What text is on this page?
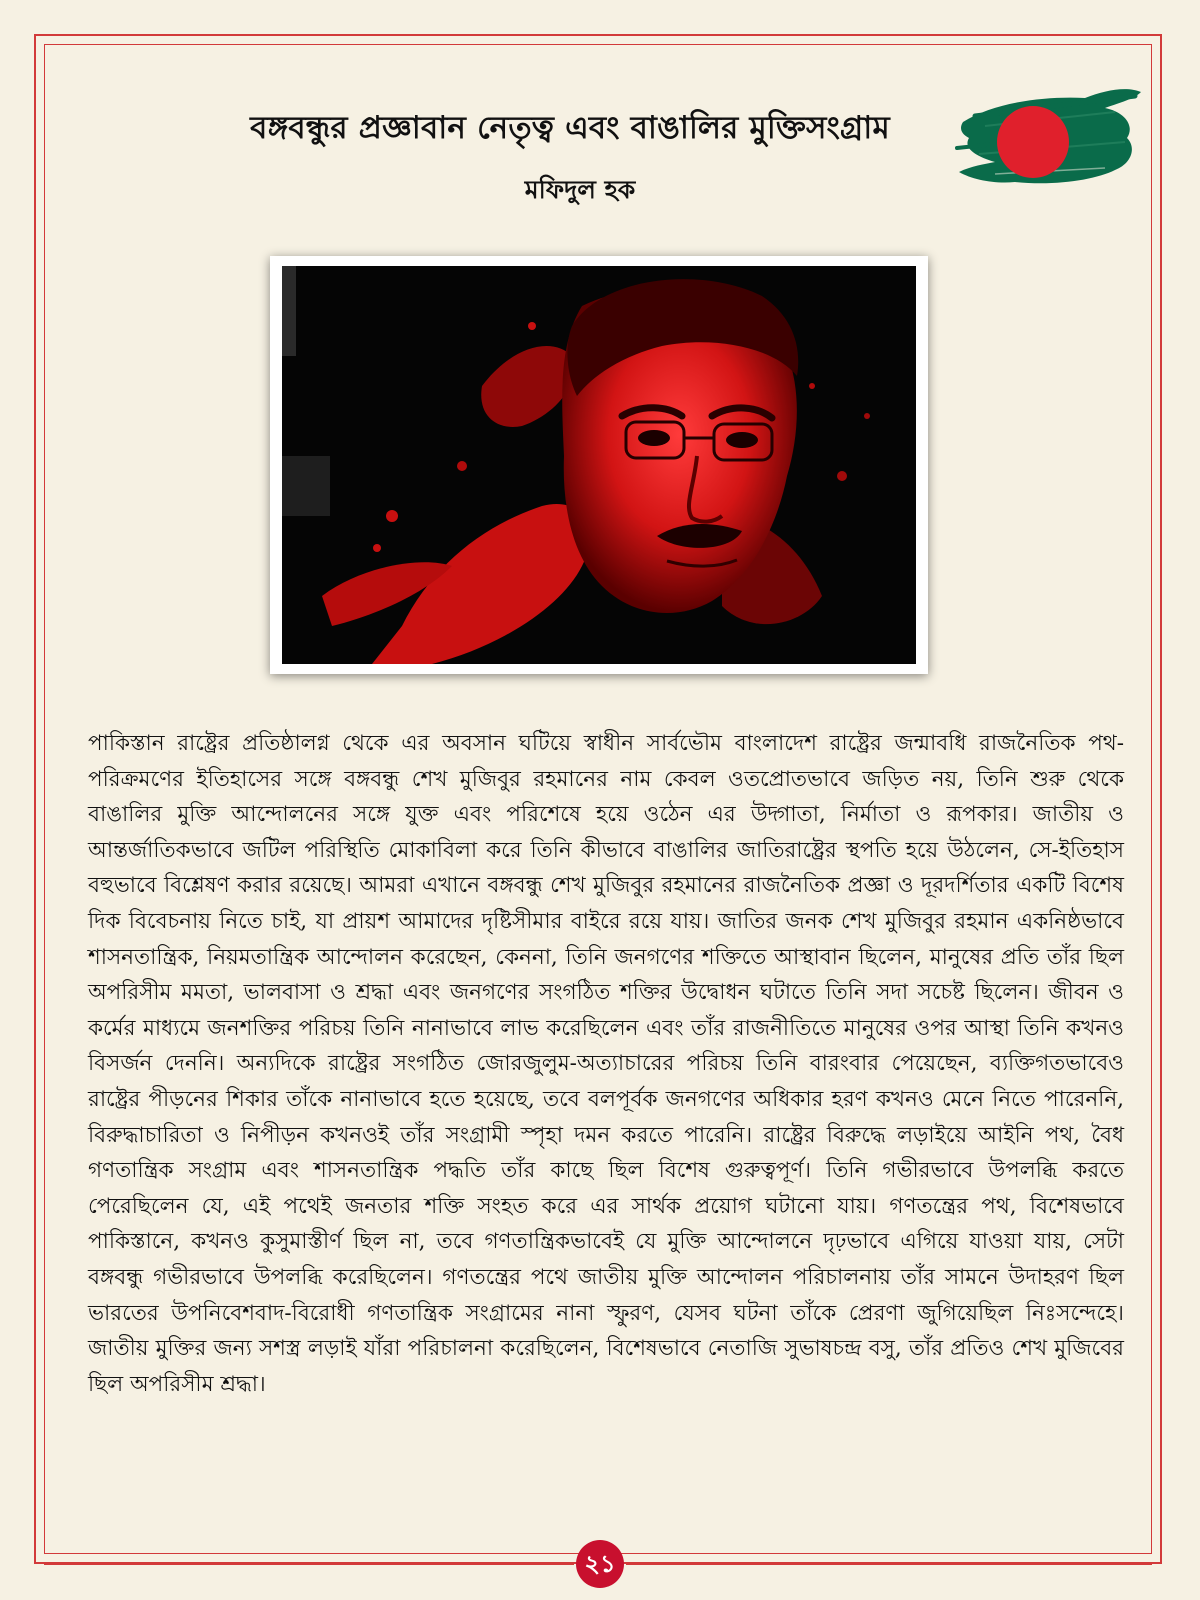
বঙ্গবন্ধুর প্রজ্ঞাবান নেতৃত্ব এবং বাঙালির মুক্তিসংগ্রাম
মফিদুল হক

পাকিস্তান রাষ্ট্রের প্রতিষ্ঠালগ্ন থেকে এর অবসান ঘটিয়ে স্বাধীন সার্বভৌম বাংলাদেশ রাষ্ট্রের জন্মাবধি রাজনৈতিক পথ-পরিক্রমণের ইতিহাসের সঙ্গে বঙ্গবন্ধু শেখ মুজিবুর রহমানের নাম কেবল ওতপ্রোতভাবে জড়িত নয়, তিনি শুরু থেকে বাঙালির মুক্তি আন্দোলনের সঙ্গে যুক্ত এবং পরিশেষে হয়ে ওঠেন এর উদ্গাতা, নির্মাতা ও রূপকার। জাতীয় ও আন্তর্জাতিকভাবে জটিল পরিস্থিতি মোকাবিলা করে তিনি কীভাবে বাঙালির জাতিরাষ্ট্রের স্থপতি হয়ে উঠলেন, সে-ইতিহাস বহুভাবে বিশ্লেষণ করার রয়েছে। আমরা এখানে বঙ্গবন্ধু শেখ মুজিবুর রহমানের রাজনৈতিক প্রজ্ঞা ও দূরদর্শিতার একটি বিশেষ দিক বিবেচনায় নিতে চাই, যা প্রায়শ আমাদের দৃষ্টিসীমার বাইরে রয়ে যায়। জাতির জনক শেখ মুজিবুর রহমান একনিষ্ঠভাবে শাসনতান্ত্রিক, নিয়মতান্ত্রিক আন্দোলন করেছেন, কেননা, তিনি জনগণের শক্তিতে আস্থাবান ছিলেন, মানুষের প্রতি তাঁর ছিল অপরিসীম মমতা, ভালবাসা ও শ্রদ্ধা এবং জনগণের সংগঠিত শক্তির উদ্বোধন ঘটাতে তিনি সদা সচেষ্ট ছিলেন। জীবন ও কর্মের মাধ্যমে জনশক্তির পরিচয় তিনি নানাভাবে লাভ করেছিলেন এবং তাঁর রাজনীতিতে মানুষের ওপর আস্থা তিনি কখনও বিসর্জন দেননি। অন্যদিকে রাষ্ট্রের সংগঠিত জোরজুলুম-অত্যাচারের পরিচয় তিনি বারংবার পেয়েছেন, ব্যক্তিগতভাবেও রাষ্ট্রের পীড়নের শিকার তাঁকে নানাভাবে হতে হয়েছে, তবে বলপূর্বক জনগণের অধিকার হরণ কখনও মেনে নিতে পারেননি, বিরুদ্ধাচারিতা ও নিপীড়ন কখনওই তাঁর সংগ্রামী স্পৃহা দমন করতে পারেনি। রাষ্ট্রের বিরুদ্ধে লড়াইয়ে আইনি পথ, বৈধ গণতান্ত্রিক সংগ্রাম এবং শাসনতান্ত্রিক পদ্ধতি তাঁর কাছে ছিল বিশেষ গুরুত্বপূর্ণ। তিনি গভীরভাবে উপলব্ধি করতে পেরেছিলেন যে, এই পথেই জনতার শক্তি সংহত করে এর সার্থক প্রয়োগ ঘটানো যায়। গণতন্ত্রের পথ, বিশেষভাবে পাকিস্তানে, কখনও কুসুমাস্তীর্ণ ছিল না, তবে গণতান্ত্রিকভাবেই যে মুক্তি আন্দোলনে দৃঢ়ভাবে এগিয়ে যাওয়া যায়, সেটা বঙ্গবন্ধু গভীরভাবে উপলব্ধি করেছিলেন। গণতন্ত্রের পথে জাতীয় মুক্তি আন্দোলন পরিচালনায় তাঁর সামনে উদাহরণ ছিল ভারতের উপনিবেশবাদ-বিরোধী গণতান্ত্রিক সংগ্রামের নানা স্ফুরণ, যেসব ঘটনা তাঁকে প্রেরণা জুগিয়েছিল নিঃসন্দেহে। জাতীয় মুক্তির জন্য সশস্ত্র লড়াই যাঁরা পরিচালনা করেছিলেন, বিশেষভাবে নেতাজি সুভাষচন্দ্র বসু, তাঁর প্রতিও শেখ মুজিবের ছিল অপরিসীম শ্রদ্ধা।

২১
